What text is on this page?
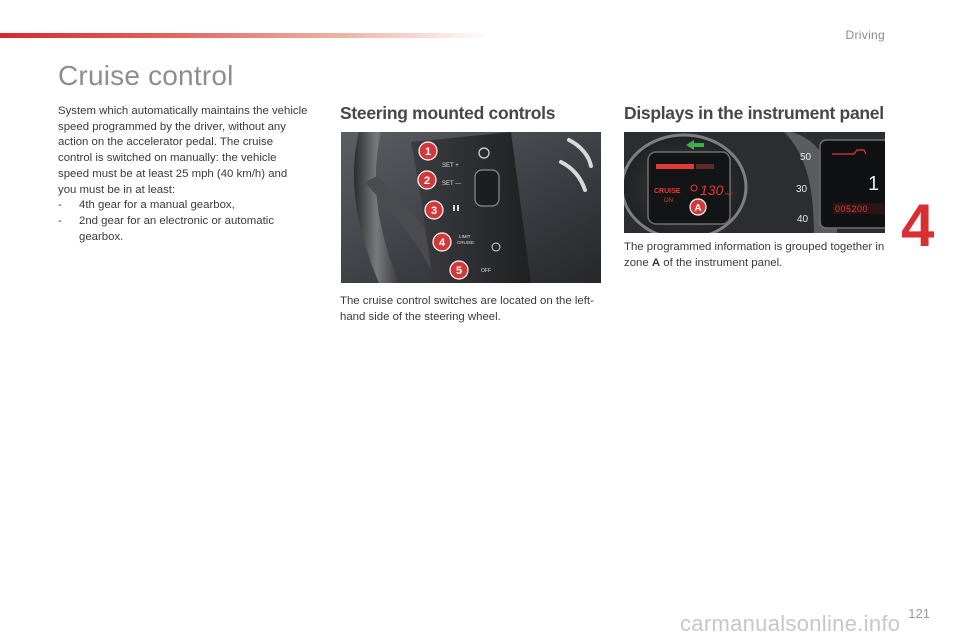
Driving
Cruise control

System which automatically maintains the vehicle speed programmed by the driver, without any action on the accelerator pedal. The cruise control is switched on manually: the vehicle speed must be at least 25 mph (40 km/h) and you must be in at least:

- 4th gear for a manual gearbox,
- 2nd gear for an electronic or automatic gearbox.
Steering mounted controls	Displays in the instrument panel
SET +
SET —
LIMIT
CRUISE
OFF
1
2
3
4
5

The cruise control switches are located on the left-hand side of the steering wheel.

CRUISE
ON
130 mph
A
50
30
40
1
005200

The programmed information is grouped together in zone A of the instrument panel.

4
121
carmanualsonline.info
